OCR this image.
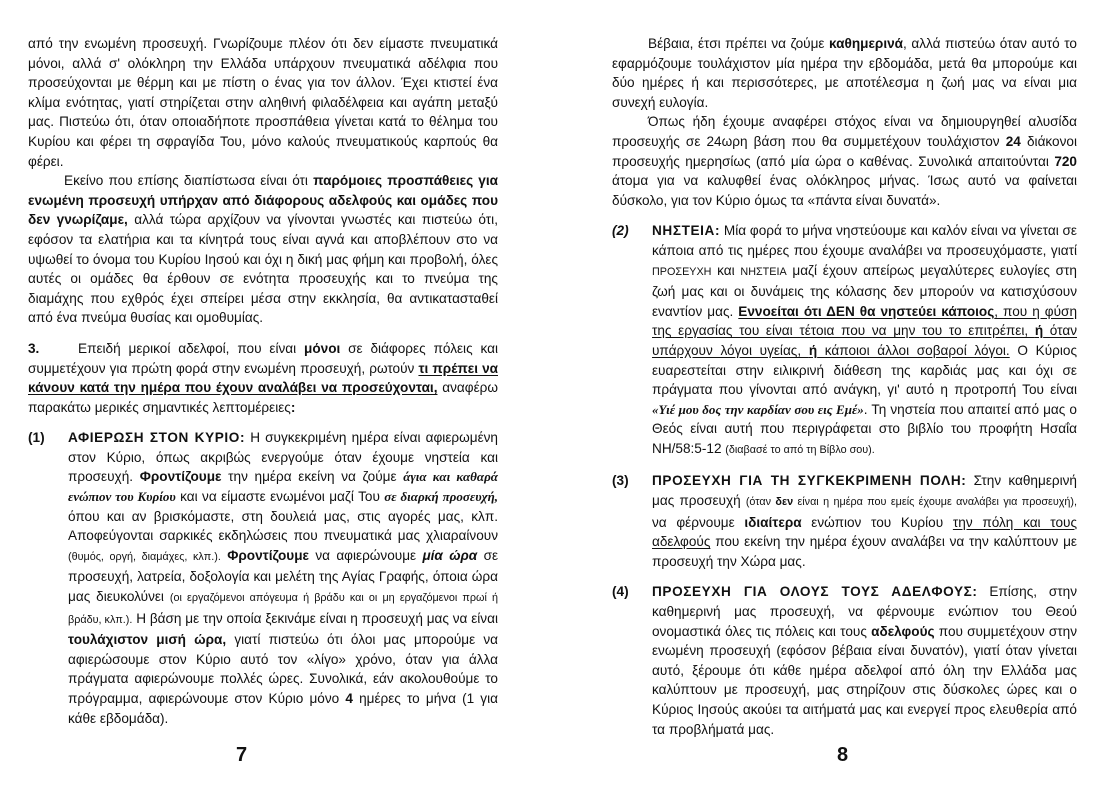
από την ενωμένη προσευχή. Γνωρίζουμε πλέον ότι δεν είμαστε πνευματικά μόνοι, αλλά σ' ολόκληρη την Ελλάδα υπάρχουν πνευματικά αδέλφια που προσεύχονται με θέρμη και με πίστη ο ένας για τον άλλον. Έχει κτιστεί ένα κλίμα ενότητας, γιατί στηρίζεται στην αληθινή φιλαδέλφεια και αγάπη μεταξύ μας. Πιστεύω ότι, όταν οποιαδήποτε προσπάθεια γίνεται κατά το θέλημα του Κυρίου και φέρει τη σφραγίδα Του, μόνο καλούς πνευματικούς καρπούς θα φέρει.

Εκείνο που επίσης διαπίστωσα είναι ότι παρόμοιες προσπάθειες για ενωμένη προσευχή υπήρχαν από διάφορους αδελφούς και ομάδες που δεν γνωρίζαμε, αλλά τώρα αρχίζουν να γίνονται γνωστές και πιστεύω ότι, εφόσον τα ελατήρια και τα κίνητρά τους είναι αγνά και αποβλέπουν στο να υψωθεί το όνομα του Κυρίου Ιησού και όχι η δική μας φήμη και προβολή, όλες αυτές οι ομάδες θα έρθουν σε ενότητα προσευχής και το πνεύμα της διαμάχης που εχθρός έχει σπείρει μέσα στην εκκλησία, θα αντικατασταθεί από ένα πνεύμα θυσίας και ομοθυμίας.

3.	Επειδή μερικοί αδελφοί, που είναι μόνοι σε διάφορες πόλεις και συμμετέχουν για πρώτη φορά στην ενωμένη προσευχή, ρωτούν τι πρέπει να κάνουν κατά την ημέρα που έχουν αναλάβει να προσεύχονται, αναφέρω παρακάτω μερικές σημαντικές λεπτομέρειες:

(1) ΑΦΙΕΡΩΣΗ ΣΤΟΝ ΚΥΡΙΟ: Η συγκεκριμένη ημέρα είναι αφιερωμένη στον Κύριο, όπως ακριβώς ενεργούμε όταν έχουμε νηστεία και προσευχή. Φροντίζουμε την ημέρα εκείνη να ζούμε άγια και καθαρά ενώπιον του Κυρίου και να είμαστε ενωμένοι μαζί Του σε διαρκή προσευχή, όπου και αν βρισκόμαστε, στη δουλειά μας, στις αγορές μας, κλπ. Αποφεύγονται σαρκικές εκδηλώσεις που πνευματικά μας χλιαραίνουν (θυμός, οργή, διαμάχες, κλπ.). Φροντίζουμε να αφιερώνουμε μία ώρα σε προσευχή, λατρεία, δοξολογία και μελέτη της Αγίας Γραφής, όποια ώρα μας διευκολύνει (οι εργαζόμενοι απόγευμα ή βράδυ και οι μη εργαζόμενοι πρωί ή βράδυ, κλπ.). Η βάση με την οποία ξεκινάμε είναι η προσευχή μας να είναι τουλάχιστον μισή ώρα, γιατί πιστεύω ότι όλοι μας μπορούμε να αφιερώσουμε στον Κύριο αυτό τον «λίγο» χρόνο, όταν για άλλα πράγματα αφιερώνουμε πολλές ώρες. Συνολικά, εάν ακολουθούμε το πρόγραμμα, αφιερώνουμε στον Κύριο μόνο 4 ημέρες το μήνα (1 για κάθε εβδομάδα).

Βέβαια, έτσι πρέπει να ζούμε καθημερινά, αλλά πιστεύω όταν αυτό το εφαρμόζουμε τουλάχιστον μία ημέρα την εβδομάδα, μετά θα μπορούμε και δύο ημέρες ή και περισσότερες, με αποτέλεσμα η ζωή μας να είναι μια συνεχή ευλογία.

Όπως ήδη έχουμε αναφέρει στόχος είναι να δημιουργηθεί αλυσίδα προσευχής σε 24ωρη βάση που θα συμμετέχουν τουλάχιστον 24 διάκονοι προσευχής ημερησίως (από μία ώρα ο καθένας. Συνολικά απαιτούνται 720 άτομα για να καλυφθεί ένας ολόκληρος μήνας. Ίσως αυτό να φαίνεται δύσκολο, για τον Κύριο όμως τα «πάντα είναι δυνατά».

(2) ΝΗΣΤΕΙΑ: Μία φορά το μήνα νηστεύουμε και καλόν είναι να γίνεται σε κάποια από τις ημέρες που έχουμε αναλάβει να προσευχόμαστε, γιατί ΠΡΟΣΕΥΧΗ και ΝΗΣΤΕΙΑ μαζί έχουν απείρως μεγαλύτερες ευλογίες στη ζωή μας και οι δυνάμεις της κόλασης δεν μπορούν να κατισχύσουν εναντίον μας. Εννοείται ότι ΔΕΝ θα νηστεύει κάποιος, που η φύση της εργασίας του είναι τέτοια που να μην του το επιτρέπει, ή όταν υπάρχουν λόγοι υγείας, ή κάποιοι άλλοι σοβαροί λόγοι. Ο Κύριος ευαρεστείται στην ειλικρινή διάθεση της καρδιάς μας και όχι σε πράγματα που γίνονται από ανάγκη, γι' αυτό η προτροπή Του είναι «Υιέ μου δος την καρδίαν σου εις Εμέ». Τη νηστεία που απαιτεί από μας ο Θεός είναι αυτή που περιγράφεται στο βιβλίο του προφήτη Ησαΐα ΝΗ/58:5-12 (διαβασέ το από τη Βίβλο σου).

(3) ΠΡΟΣΕΥΧΗ ΓΙΑ ΤΗ ΣΥΓΚΕΚΡΙΜΕΝΗ ΠΟΛΗ: Στην καθημερινή μας προσευχή (όταν δεν είναι η ημέρα που εμείς έχουμε αναλάβει για προσευχή), να φέρνουμε ιδιαίτερα ενώπιον του Κυρίου την πόλη και τους αδελφούς που εκείνη την ημέρα έχουν αναλάβει να την καλύπτουν με προσευχή την Χώρα μας.

(4) ΠΡΟΣΕΥΧΗ ΓΙΑ ΟΛΟΥΣ ΤΟΥΣ ΑΔΕΛΦΟΥΣ: Επίσης, στην καθημερινή μας προσευχή, να φέρνουμε ενώπιον του Θεού ονομαστικά όλες τις πόλεις και τους αδελφούς που συμμετέχουν στην ενωμένη προσευχή (εφόσον βέβαια είναι δυνατόν), γιατί όταν γίνεται αυτό, ξέρουμε ότι κάθε ημέρα αδελφοί από όλη την Ελλάδα μας καλύπτουν με προσευχή, μας στηρίζουν στις δύσκολες ώρες και ο Κύριος Ιησούς ακούει τα αιτήματά μας και ενεργεί προς ελευθερία από τα προβλήματά μας.

7	8
